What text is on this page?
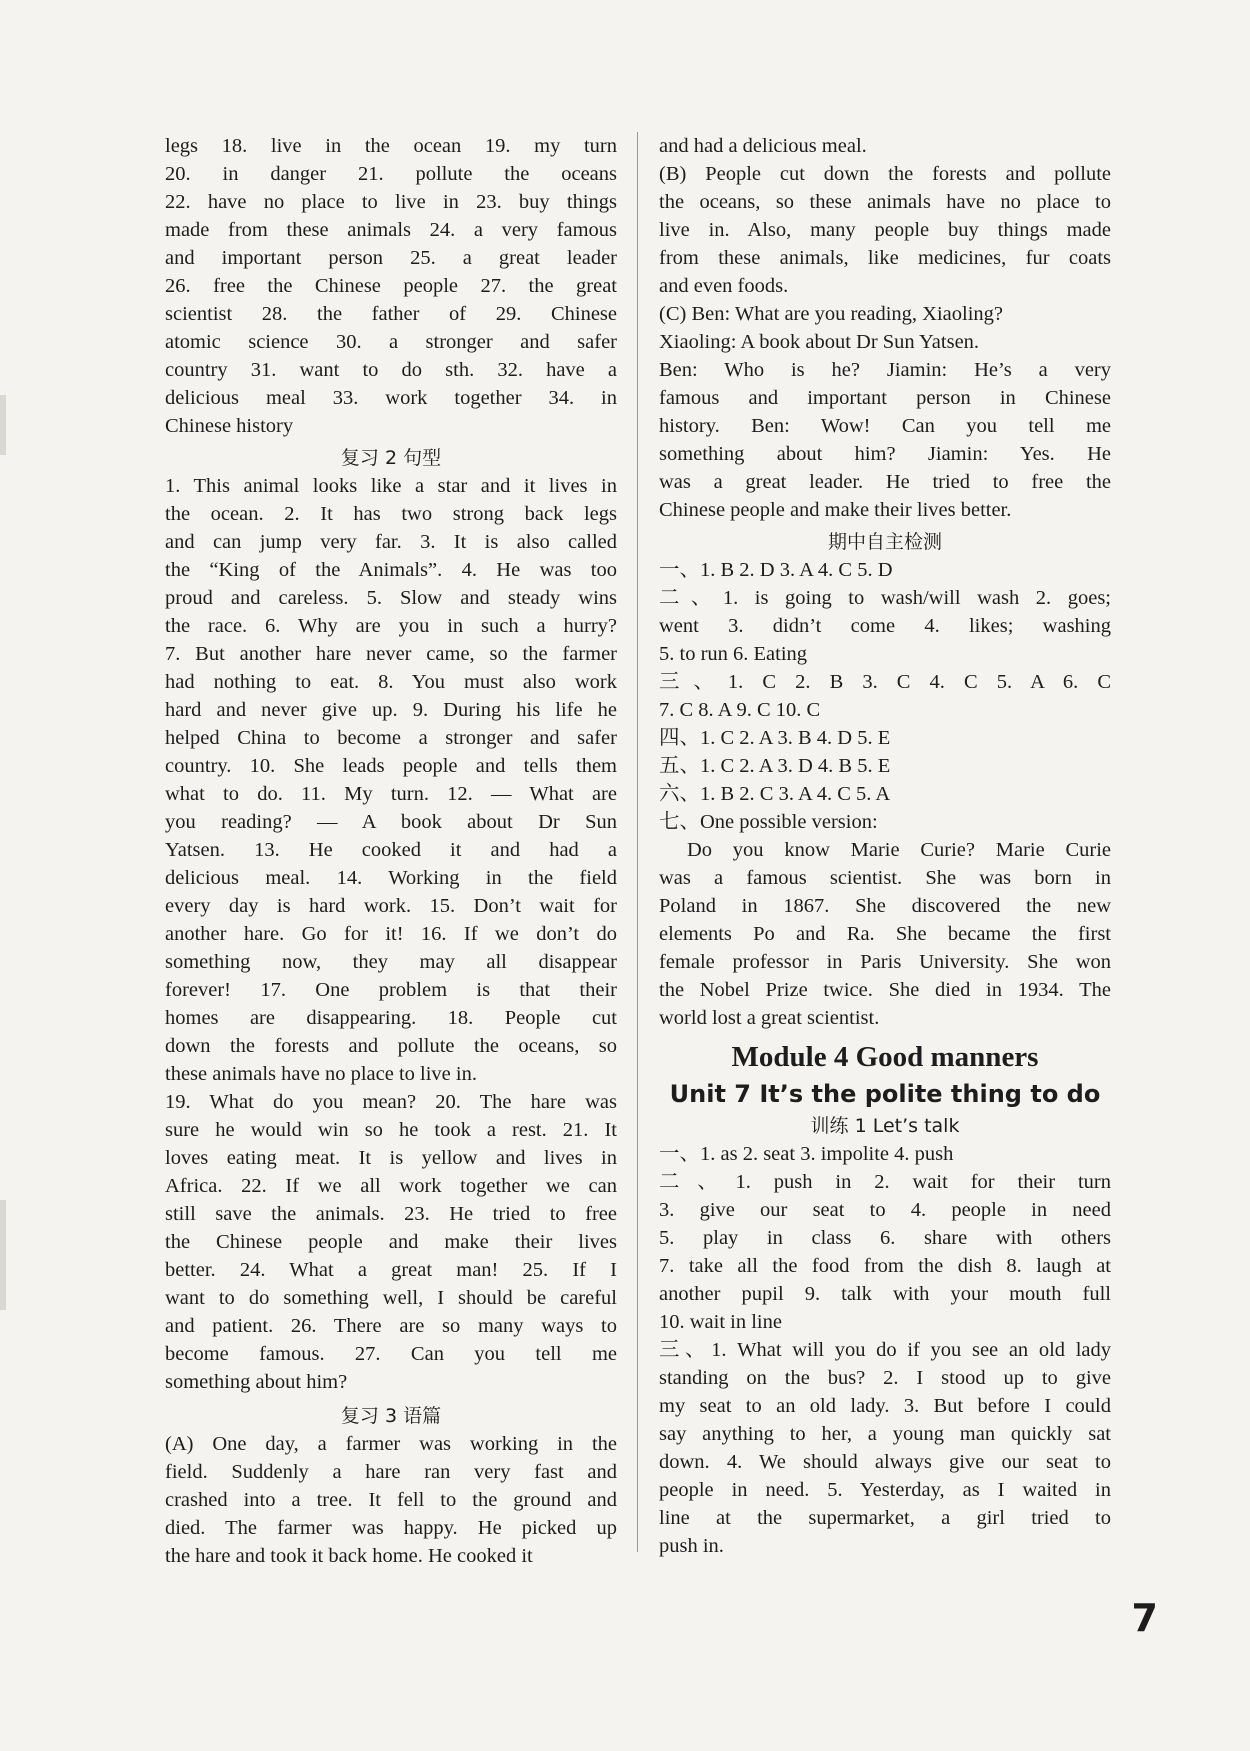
legs 18. live in the ocean 19. my turn
20. in danger 21. pollute the oceans
22. have no place to live in 23. buy things
made from these animals 24. a very famous
and important person 25. a great leader
26. free the Chinese people 27. the great
scientist 28. the father of 29. Chinese
atomic science 30. a stronger and safer
country 31. want to do sth. 32. have a
delicious meal 33. work together 34. in
Chinese history
复习 2 句型
1. This animal looks like a star and it lives in
the ocean. 2. It has two strong back legs
and can jump very far. 3. It is also called
the “King of the Animals”. 4. He was too
proud and careless. 5. Slow and steady wins
the race. 6. Why are you in such a hurry?
7. But another hare never came, so the farmer
had nothing to eat. 8. You must also work
hard and never give up. 9. During his life he
helped China to become a stronger and safer
country. 10. She leads people and tells them
what to do. 11. My turn. 12. — What are
you reading? — A book about Dr Sun
Yatsen. 13. He cooked it and had a
delicious meal. 14. Working in the field
every day is hard work. 15. Don’t wait for
another hare. Go for it! 16. If we don’t do
something now, they may all disappear
forever! 17. One problem is that their
homes are disappearing. 18. People cut
down the forests and pollute the oceans, so
these animals have no place to live in.
19. What do you mean? 20. The hare was
sure he would win so he took a rest. 21. It
loves eating meat. It is yellow and lives in
Africa. 22. If we all work together we can
still save the animals. 23. He tried to free
the Chinese people and make their lives
better. 24. What a great man! 25. If I
want to do something well, I should be careful
and patient. 26. There are so many ways to
become famous. 27. Can you tell me
something about him?
复习 3 语篇
(A) One day, a farmer was working in the
field. Suddenly a hare ran very fast and
crashed into a tree. It fell to the ground and
died. The farmer was happy. He picked up
the hare and took it back home. He cooked it
and had a delicious meal.
(B) People cut down the forests and pollute
the oceans, so these animals have no place to
live in. Also, many people buy things made
from these animals, like medicines, fur coats
and even foods.
(C) Ben: What are you reading, Xiaoling?
Xiaoling: A book about Dr Sun Yatsen.
Ben: Who is he? Jiamin: He’s a very
famous and important person in Chinese
history. Ben: Wow! Can you tell me
something about him? Jiamin: Yes. He
was a great leader. He tried to free the
Chinese people and make their lives better.
期中自主检测
一、1. B 2. D 3. A 4. C 5. D
二、1. is going to wash/will wash 2. goes;
went 3. didn’t come 4. likes; washing
5. to run 6. Eating
三、1. C 2. B 3. C 4. C 5. A 6. C
7. C 8. A 9. C 10. C
四、1. C 2. A 3. B 4. D 5. E
五、1. C 2. A 3. D 4. B 5. E
六、1. B 2. C 3. A 4. C 5. A
七、One possible version:
Do you know Marie Curie? Marie Curie
was a famous scientist. She was born in
Poland in 1867. She discovered the new
elements Po and Ra. She became the first
female professor in Paris University. She won
the Nobel Prize twice. She died in 1934. The
world lost a great scientist.
Module 4 Good manners
Unit 7 It’s the polite thing to do
训练 1 Let’s talk
一、1. as 2. seat 3. impolite 4. push
二、1. push in 2. wait for their turn
3. give our seat to 4. people in need
5. play in class 6. share with others
7. take all the food from the dish 8. laugh at
another pupil 9. talk with your mouth full
10. wait in line
三、1. What will you do if you see an old lady
standing on the bus? 2. I stood up to give
my seat to an old lady. 3. But before I could
say anything to her, a young man quickly sat
down. 4. We should always give our seat to
people in need. 5. Yesterday, as I waited in
line at the supermarket, a girl tried to
push in.
7
